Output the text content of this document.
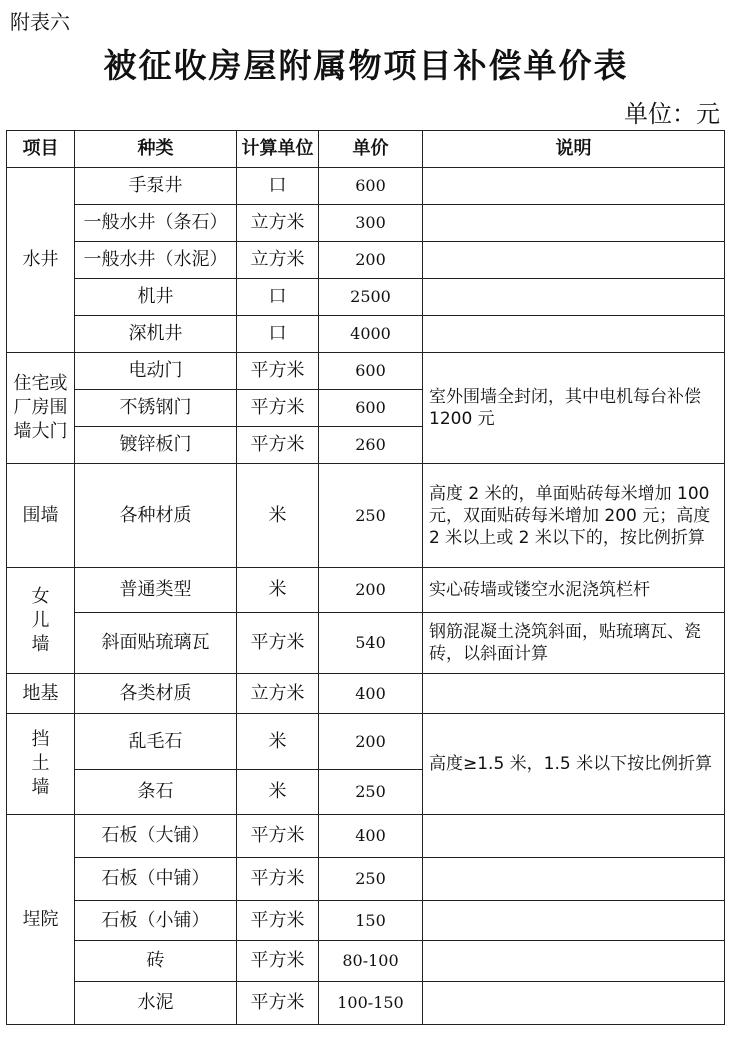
附表六
被征收房屋附属物项目补偿单价表
单位：元
项目	种类	计算单位	单价	说明
水井	手泵井	口	600	
	一般水井（条石）	立方米	300	
	一般水井（水泥）	立方米	200	
	机井	口	2500	
	深机井	口	4000	
住宅或厂房围墙大门	电动门	平方米	600	室外围墙全封闭，其中电机每台补偿 1200 元
	不锈钢门	平方米	600	
	镀锌板门	平方米	260	
围墙	各种材质	米	250	高度 2 米的，单面贴砖每米增加 100 元，双面贴砖每米增加 200 元；高度 2 米以上或 2 米以下的，按比例折算
女儿墙	普通类型	米	200	实心砖墙或镂空水泥浇筑栏杆
	斜面贴琉璃瓦	平方米	540	钢筋混凝土浇筑斜面，贴琉璃瓦、瓷砖，以斜面计算
地基	各类材质	立方米	400	
挡土墙	乱毛石	米	200	高度≥1.5 米，1.5 米以下按比例折算
	条石	米	250	
埕院	石板（大铺）	平方米	400	
	石板（中铺）	平方米	250	
	石板（小铺）	平方米	150	
	砖	平方米	80-100	
	水泥	平方米	100-150	
